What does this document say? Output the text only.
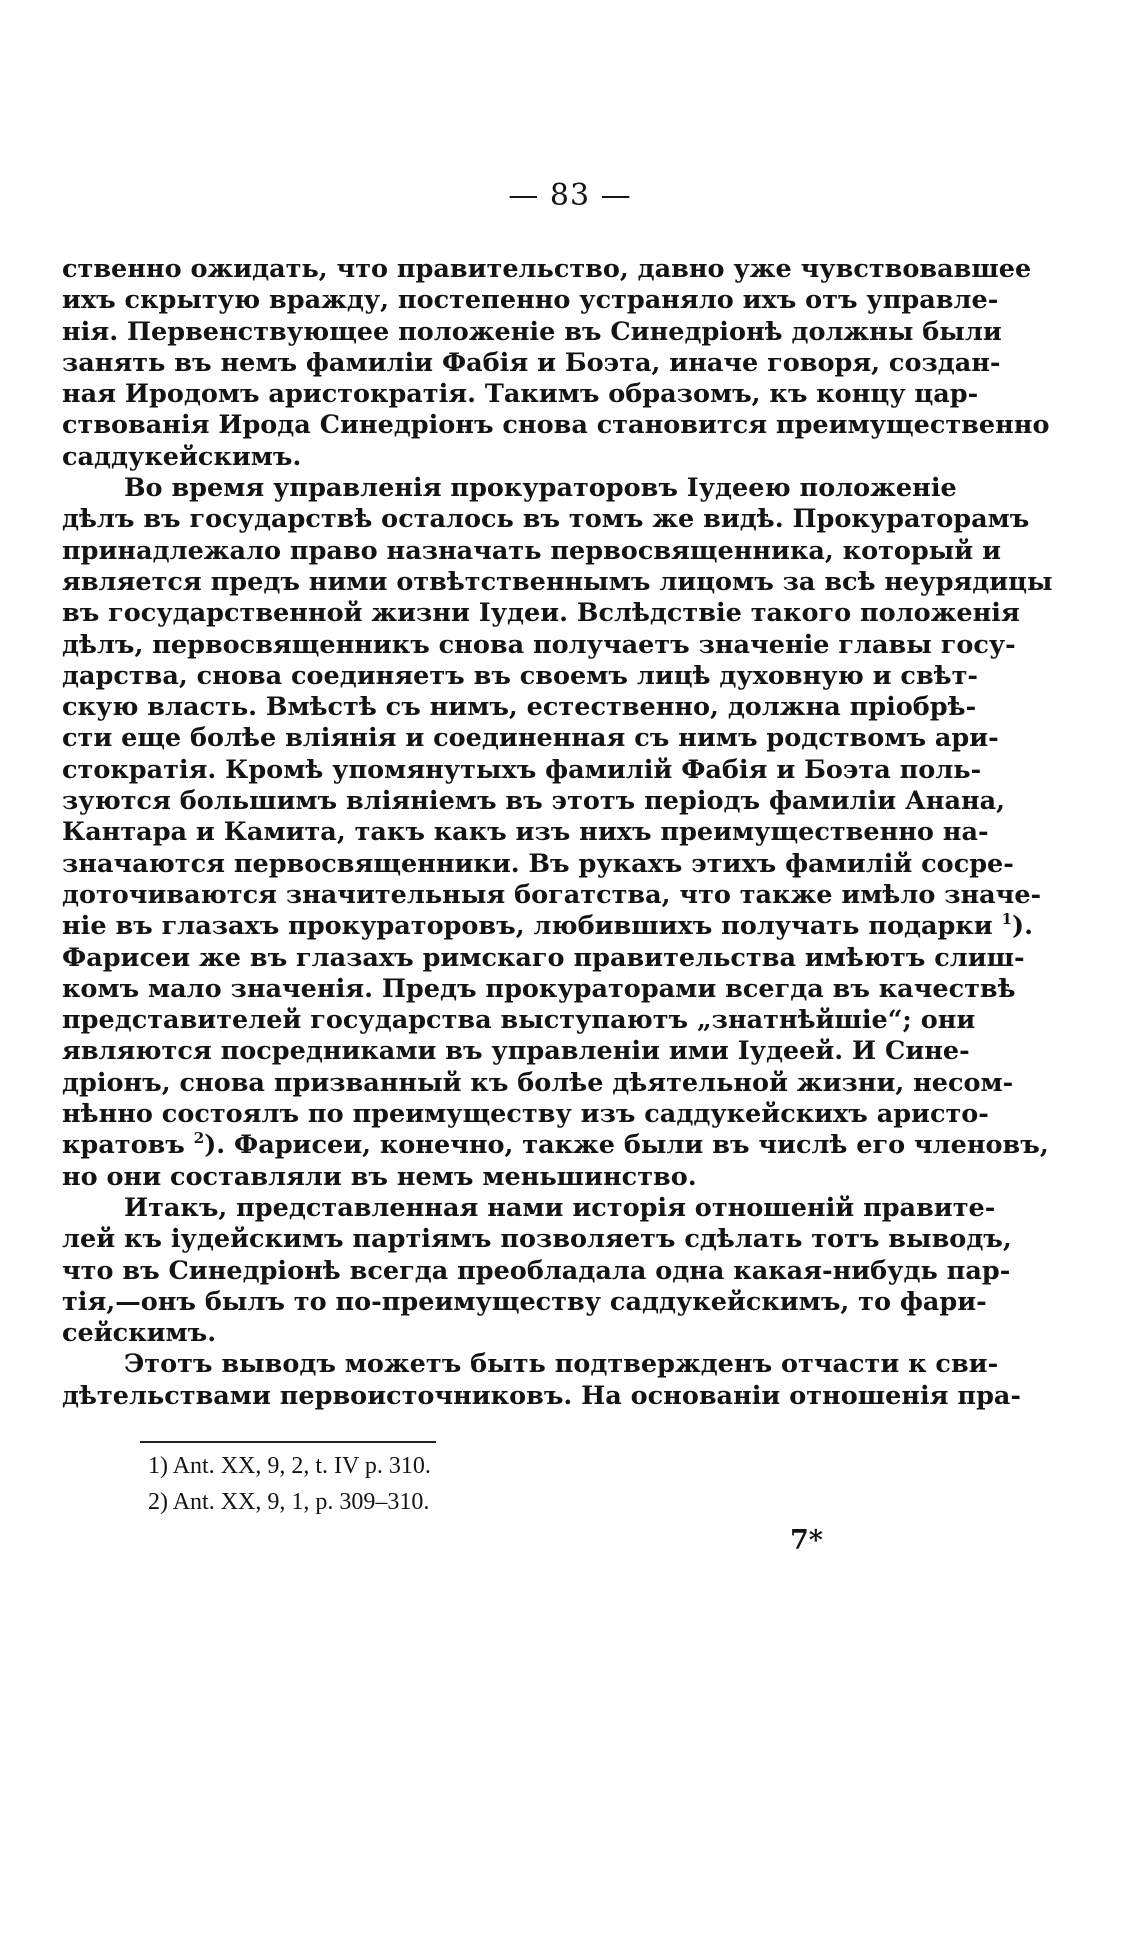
— 83 —
ственно ожидать, что правительство, давно уже чувствовавшее
ихъ скрытую вражду, постепенно устраняло ихъ отъ управле-
нія. Первенствующее положеніе въ Синедріонѣ должны были
занять въ немъ фамиліи Фабія и Боэта, иначе говоря, создан-
ная Иродомъ аристократія. Такимъ образомъ, къ концу цар-
ствованія Ирода Синедріонъ снова становится преимущественно
саддукейскимъ.
Во время управленія прокураторовъ Іудеею положеніе
дѣлъ въ государствѣ осталось въ томъ же видѣ. Прокураторамъ
принадлежало право назначать первосвященника, который и
является предъ ними отвѣтственнымъ лицомъ за всѣ неурядицы
въ государственной жизни Іудеи. Вслѣдствіе такого положенія
дѣлъ, первосвященникъ снова получаетъ значеніе главы госу-
дарства, снова соединяетъ въ своемъ лицѣ духовную и свѣт-
скую власть. Вмѣстѣ съ нимъ, естественно, должна пріобрѣ-
сти еще болѣе вліянія и соединенная съ нимъ родствомъ ари-
стократія. Кромѣ упомянутыхъ фамилій Фабія и Боэта поль-
зуются большимъ вліяніемъ въ этотъ періодъ фамиліи Анана,
Кантара и Камита, такъ какъ изъ нихъ преимущественно на-
значаются первосвященники. Въ рукахъ этихъ фамилій сосре-
доточиваются значительныя богатства, что также имѣло значе-
ніе въ глазахъ прокураторовъ, любившихъ получать подарки $^1$).
Фарисеи же въ глазахъ римскаго правительства имѣютъ слиш-
комъ мало значенія. Предъ прокураторами всегда въ качествѣ
представителей государства выступаютъ „знатнѣйшіе“; они
являются посредниками въ управленіи ими Іудеей. И Сине-
дріонъ, снова призванный къ болѣе дѣятельной жизни, несом-
нѣнно состоялъ по преимуществу изъ саддукейскихъ аристо-
кратовъ $^2$). Фарисеи, конечно, также были въ числѣ его членовъ,
но они составляли въ немъ меньшинство.
Итакъ, представленная нами исторія отношеній правите-
лей къ іудейскимъ партіямъ позволяетъ сдѣлать тотъ выводъ,
что въ Синедріонѣ всегда преобладала одна какая-нибудь пар-
тія,—онъ былъ то по-преимуществу саддукейскимъ, то фари-
сейскимъ.
Этотъ выводъ можетъ быть подтвержденъ отчасти к сви-
дѣтельствами первоисточниковъ. На основаніи отношенія пра-
1) Ant. XX, 9, 2, t. IV p. 310.
2) Ant. XX, 9, 1, p. 309–310.
7*
